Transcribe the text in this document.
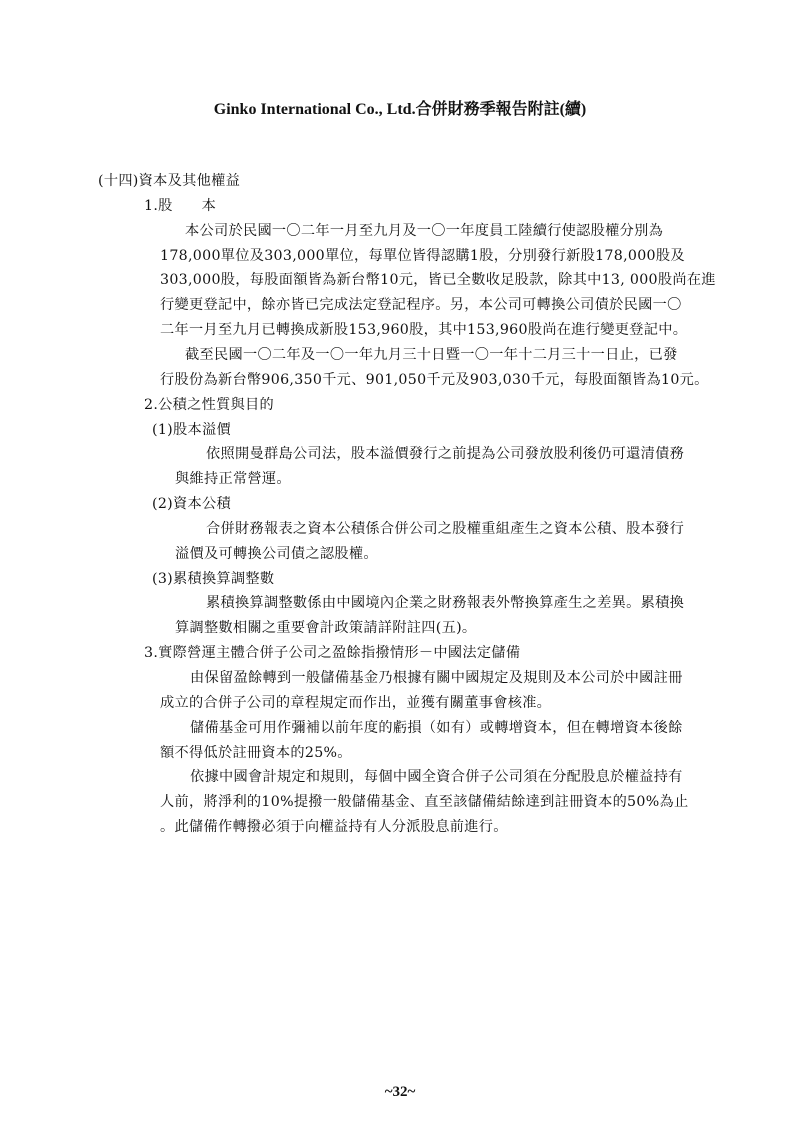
Ginko International Co., Ltd.合併財務季報告附註(續)
(十四)資本及其他權益
1.股　　本
本公司於民國一〇二年一月至九月及一〇一年度員工陸續行使認股權分別為
178,000單位及303,000單位，每單位皆得認購1股，分別發行新股178,000股及
303,000股，每股面額皆為新台幣10元，皆已全數收足股款，除其中13, 000股尚在進
行變更登記中，餘亦皆已完成法定登記程序。另，本公司可轉換公司債於民國一〇
二年一月至九月已轉換成新股153,960股，其中153,960股尚在進行變更登記中。
截至民國一〇二年及一〇一年九月三十日暨一〇一年十二月三十一日止，已發
行股份為新台幣906,350千元、901,050千元及903,030千元，每股面額皆為10元。
2.公積之性質與目的
(1)股本溢價
依照開曼群島公司法，股本溢價發行之前提為公司發放股利後仍可還清債務
與維持正常營運。
(2)資本公積
合併財務報表之資本公積係合併公司之股權重組產生之資本公積、股本發行
溢價及可轉換公司債之認股權。
(3)累積換算調整數
累積換算調整數係由中國境內企業之財務報表外幣換算產生之差異。累積換
算調整數相關之重要會計政策請詳附註四(五)。
3.實際營運主體合併子公司之盈餘指撥情形－中國法定儲備
由保留盈餘轉到一般儲備基金乃根據有關中國規定及規則及本公司於中國註冊
成立的合併子公司的章程規定而作出，並獲有關董事會核准。
儲備基金可用作彌補以前年度的虧損（如有）或轉增資本，但在轉增資本後餘
額不得低於註冊資本的25%。
依據中國會計規定和規則，每個中國全資合併子公司須在分配股息於權益持有
人前，將淨利的10%提撥一般儲備基金、直至該儲備結餘達到註冊資本的50%為止
。此儲備作轉撥必須于向權益持有人分派股息前進行。
~32~
